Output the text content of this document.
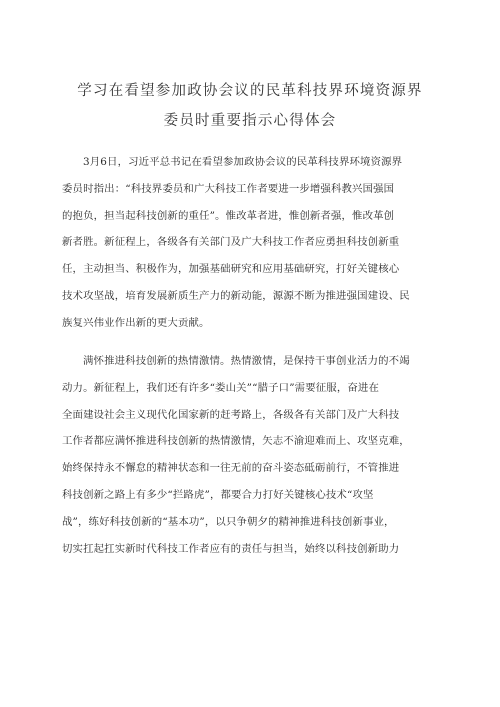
学习在看望参加政协会议的民革科技界环境资源界
委员时重要指示心得体会
3月6日，习近平总书记在看望参加政协会议的民革科技界环境资源界
委员时指出：“科技界委员和广大科技工作者要进一步增强科教兴国强国
的抱负，担当起科技创新的重任”。惟改革者进，惟创新者强，惟改革创
新者胜。新征程上，各级各有关部门及广大科技工作者应勇担科技创新重
任，主动担当、积极作为，加强基础研究和应用基础研究，打好关键核心
技术攻坚战，培育发展新质生产力的新动能，源源不断为推进强国建设、民
族复兴伟业作出新的更大贡献。
满怀推进科技创新的热情激情。热情激情，是保持干事创业活力的不竭
动力。新征程上，我们还有许多“娄山关”“腊子口”需要征服，奋进在
全面建设社会主义现代化国家新的赶考路上，各级各有关部门及广大科技
工作者都应满怀推进科技创新的热情激情，矢志不渝迎难而上、攻坚克难，
始终保持永不懈怠的精神状态和一往无前的奋斗姿态砥砺前行，不管推进
科技创新之路上有多少“拦路虎”，都要合力打好关键核心技术“攻坚
战”，练好科技创新的“基本功”，以只争朝夕的精神推进科技创新事业，
切实扛起扛实新时代科技工作者应有的责任与担当，始终以科技创新助力
